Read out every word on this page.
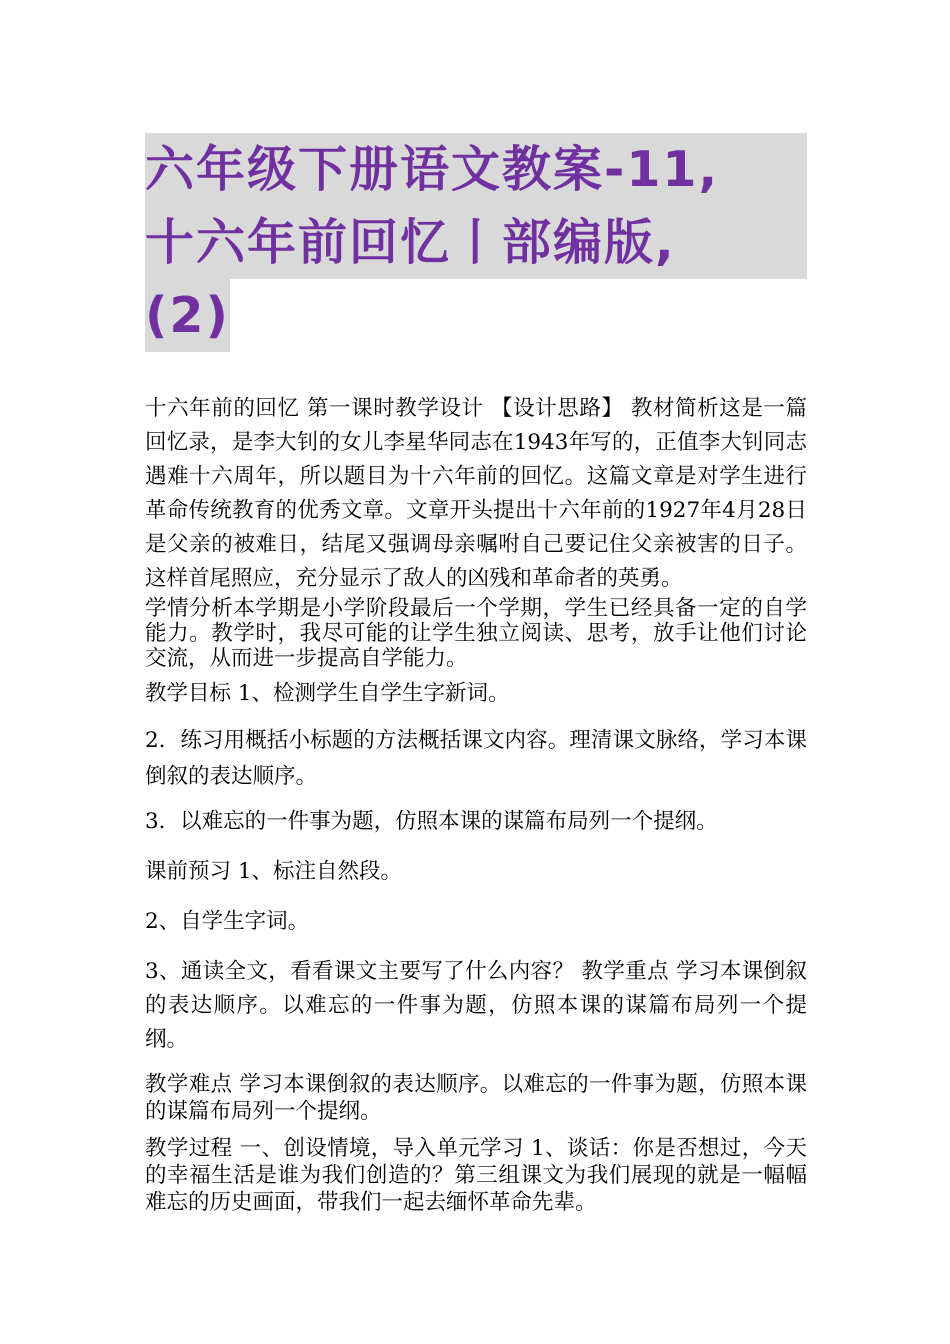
六年级下册语文教案-11,
十六年前回忆丨部编版,
(2)

十六年前的回忆 第一课时教学设计 【设计思路】 教材简析这是一篇回忆录，是李大钊的女儿李星华同志在1943年写的，正值李大钊同志遇难十六周年，所以题目为十六年前的回忆。这篇文章是对学生进行革命传统教育的优秀文章。文章开头提出十六年前的1927年4月28日是父亲的被难日，结尾又强调母亲嘱咐自己要记住父亲被害的日子。这样首尾照应，充分显示了敌人的凶残和革命者的英勇。

学情分析本学期是小学阶段最后一个学期，学生已经具备一定的自学能力。教学时，我尽可能的让学生独立阅读、思考，放手让他们讨论交流，从而进一步提高自学能力。

教学目标 1、检测学生自学生字新词。

2．练习用概括小标题的方法概括课文内容。理清课文脉络，学习本课倒叙的表达顺序。

3．以难忘的一件事为题，仿照本课的谋篇布局列一个提纲。

课前预习 1、标注自然段。

2、自学生字词。

3、通读全文，看看课文主要写了什么内容？ 教学重点 学习本课倒叙的表达顺序。以难忘的一件事为题，仿照本课的谋篇布局列一个提纲。

教学难点 学习本课倒叙的表达顺序。以难忘的一件事为题，仿照本课的谋篇布局列一个提纲。

教学过程 一、创设情境，导入单元学习 1、谈话：你是否想过，今天的幸福生活是谁为我们创造的？第三组课文为我们展现的就是一幅幅难忘的历史画面，带我们一起去缅怀革命先辈。
